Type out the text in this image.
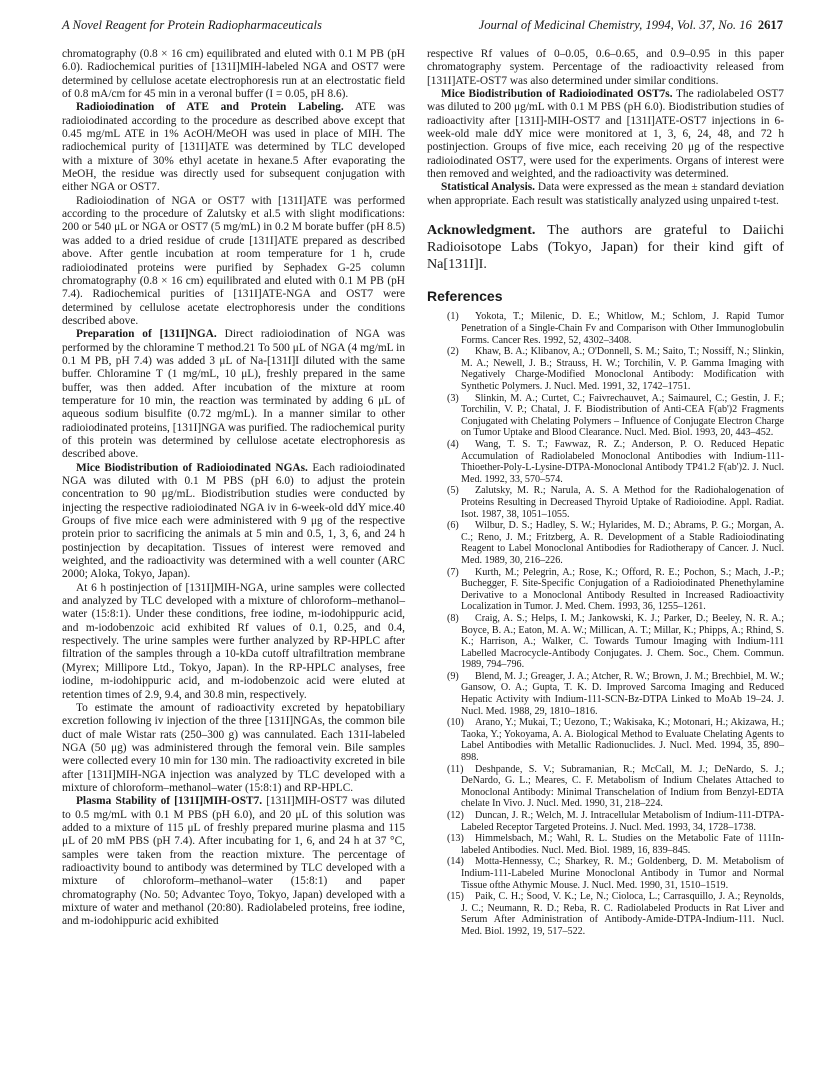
A Novel Reagent for Protein Radiopharmaceuticals	Journal of Medicinal Chemistry, 1994, Vol. 37, No. 16 2617

chromatography (0.8 × 16 cm) equilibrated and eluted with 0.1 M PB (pH 6.0). Radiochemical purities of [131I]MIH-labeled NGA and OST7 were determined by cellulose acetate electrophoresis run at an electrostatic field of 0.8 mA/cm for 45 min in a veronal buffer (I = 0.05, pH 8.6).

Radioiodination of ATE and Protein Labeling. ATE was radioiodinated according to the procedure as described above except that 0.45 mg/mL ATE in 1% AcOH/MeOH was used in place of MIH. The radiochemical purity of [131I]ATE was determined by TLC developed with a mixture of 30% ethyl acetate in hexane.5 After evaporating the MeOH, the residue was directly used for subsequent conjugation with either NGA or OST7.

Radioiodination of NGA or OST7 with [131I]ATE was performed according to the procedure of Zalutsky et al.5 with slight modifications: 200 or 540 μL or NGA or OST7 (5 mg/mL) in 0.2 M borate buffer (pH 8.5) was added to a dried residue of crude [131I]ATE prepared as described above. After gentle incubation at room temperature for 1 h, crude radioiodinated proteins were purified by Sephadex G-25 column chromatography (0.8 × 16 cm) equilibrated and eluted with 0.1 M PB (pH 7.4). Radiochemical purities of [131I]ATE-NGA and OST7 were determined by cellulose acetate electrophoresis under the conditions described above.

Preparation of [131I]NGA. Direct radioiodination of NGA was performed by the chloramine T method.21 To 500 μL of NGA (4 mg/mL in 0.1 M PB, pH 7.4) was added 3 μL of Na-[131I]I diluted with the same buffer. Chloramine T (1 mg/mL, 10 μL), freshly prepared in the same buffer, was then added. After incubation of the mixture at room temperature for 10 min, the reaction was terminated by adding 6 μL of aqueous sodium bisulfite (0.72 mg/mL). In a manner similar to other radioiodinated proteins, [131I]NGA was purified. The radiochemical purity of this protein was determined by cellulose acetate electrophoresis as described above.

Mice Biodistribution of Radioiodinated NGAs. Each radioiodinated NGA was diluted with 0.1 M PBS (pH 6.0) to adjust the protein concentration to 90 μg/mL. Biodistribution studies were conducted by injecting the respective radioiodinated NGA iv in 6-week-old ddY mice.40 Groups of five mice each were administered with 9 μg of the respective protein prior to sacrificing the animals at 5 min and 0.5, 1, 3, 6, and 24 h postinjection by decapitation. Tissues of interest were removed and weighted, and the radioactivity was determined with a well counter (ARC 2000; Aloka, Tokyo, Japan).

At 6 h postinjection of [131I]MIH-NGA, urine samples were collected and analyzed by TLC developed with a mixture of chloroform–methanol–water (15:8:1). Under these conditions, free iodine, m-iodohippuric acid, and m-iodobenzoic acid exhibited Rf values of 0.1, 0.25, and 0.4, respectively. The urine samples were further analyzed by RP-HPLC after filtration of the samples through a 10-kDa cutoff ultrafiltration membrane (Myrex; Millipore Ltd., Tokyo, Japan). In the RP-HPLC analyses, free iodine, m-iodohippuric acid, and m-iodobenzoic acid were eluted at retention times of 2.9, 9.4, and 30.8 min, respectively.

To estimate the amount of radioactivity excreted by hepatobiliary excretion following iv injection of the three [131I]NGAs, the common bile duct of male Wistar rats (250–300 g) was cannulated. Each 131I-labeled NGA (50 μg) was administered through the femoral vein. Bile samples were collected every 10 min for 130 min. The radioactivity excreted in bile after [131I]MIH-NGA injection was analyzed by TLC developed with a mixture of chloroform–methanol–water (15:8:1) and RP-HPLC.

Plasma Stability of [131I]MIH-OST7. [131I]MIH-OST7 was diluted to 0.5 mg/mL with 0.1 M PBS (pH 6.0), and 20 μL of this solution was added to a mixture of 115 μL of freshly prepared murine plasma and 115 μL of 20 mM PBS (pH 7.4). After incubating for 1, 6, and 24 h at 37 °C, samples were taken from the reaction mixture. The percentage of radioactivity bound to antibody was determined by TLC developed with a mixture of chloroform–methanol–water (15:8:1) and paper chromatography (No. 50; Advantec Toyo, Tokyo, Japan) developed with a mixture of water and methanol (20:80). Radiolabeled proteins, free iodine, and m-iodohippuric acid exhibited

respective Rf values of 0–0.05, 0.6–0.65, and 0.9–0.95 in this paper chromatography system. Percentage of the radioactivity released from [131I]ATE-OST7 was also determined under similar conditions.

Mice Biodistribution of Radioiodinated OST7s. The radiolabeled OST7 was diluted to 200 μg/mL with 0.1 M PBS (pH 6.0). Biodistribution studies of radioactivity after [131I]-MIH-OST7 and [131I]ATE-OST7 injections in 6-week-old male ddY mice were monitored at 1, 3, 6, 24, 48, and 72 h postinjection. Groups of five mice, each receiving 20 μg of the respective radioiodinated OST7, were used for the experiments. Organs of interest were then removed and weighted, and the radioactivity was determined.

Statistical Analysis. Data were expressed as the mean ± standard deviation when appropriate. Each result was statistically analyzed using unpaired t-test.

Acknowledgment. The authors are grateful to Daiichi Radioisotope Labs (Tokyo, Japan) for their kind gift of Na[131I]I.

References

(1) Yokota, T.; Milenic, D. E.; Whitlow, M.; Schlom, J. Rapid Tumor Penetration of a Single-Chain Fv and Comparison with Other Immunoglobulin Forms. Cancer Res. 1992, 52, 4302–3408.

(2) Khaw, B. A.; Klibanov, A.; O'Donnell, S. M.; Saito, T.; Nossiff, N.; Slinkin, M. A.; Newell, J. B.; Strauss, H. W.; Torchilin, V. P. Gamma Imaging with Negatively Charge-Modified Monoclonal Antibody: Modification with Synthetic Polymers. J. Nucl. Med. 1991, 32, 1742–1751.

(3) Slinkin, M. A.; Curtet, C.; Faivrechauvet, A.; Saimaurel, C.; Gestin, J. F.; Torchilin, V. P.; Chatal, J. F. Biodistribution of Anti-CEA F(ab')2 Fragments Conjugated with Chelating Polymers – Influence of Conjugate Electron Charge on Tumor Uptake and Blood Clearance. Nucl. Med. Biol. 1993, 20, 443–452.

(4) Wang, T. S. T.; Fawwaz, R. Z.; Anderson, P. O. Reduced Hepatic Accumulation of Radiolabeled Monoclonal Antibodies with Indium-111-Thioether-Poly-L-Lysine-DTPA-Monoclonal Antibody TP41.2 F(ab')2. J. Nucl. Med. 1992, 33, 570–574.

(5) Zalutsky, M. R.; Narula, A. S. A Method for the Radiohalogenation of Proteins Resulting in Decreased Thyroid Uptake of Radioiodine. Appl. Radiat. Isot. 1987, 38, 1051–1055.

(6) Wilbur, D. S.; Hadley, S. W.; Hylarides, M. D.; Abrams, P. G.; Morgan, A. C.; Reno, J. M.; Fritzberg, A. R. Development of a Stable Radioiodinating Reagent to Label Monoclonal Antibodies for Radiotherapy of Cancer. J. Nucl. Med. 1989, 30, 216–226.

(7) Kurth, M.; Pelegrin, A.; Rose, K.; Offord, R. E.; Pochon, S.; Mach, J.-P.; Buchegger, F. Site-Specific Conjugation of a Radioiodinated Phenethylamine Derivative to a Monoclonal Antibody Resulted in Increased Radioactivity Localization in Tumor. J. Med. Chem. 1993, 36, 1255–1261.

(8) Craig, A. S.; Helps, I. M.; Jankowski, K. J.; Parker, D.; Beeley, N. R. A.; Boyce, B. A.; Eaton, M. A. W.; Millican, A. T.; Millar, K.; Phipps, A.; Rhind, S. K.; Harrison, A.; Walker, C. Towards Tumour Imaging with Indium-111 Labelled Macrocycle-Antibody Conjugates. J. Chem. Soc., Chem. Commun. 1989, 794–796.

(9) Blend, M. J.; Greager, J. A.; Atcher, R. W.; Brown, J. M.; Brechbiel, M. W.; Gansow, O. A.; Gupta, T. K. D. Improved Sarcoma Imaging and Reduced Hepatic Activity with Indium-111-SCN-Bz-DTPA Linked to MoAb 19–24. J. Nucl. Med. 1988, 29, 1810–1816.

(10) Arano, Y.; Mukai, T.; Uezono, T.; Wakisaka, K.; Motonari, H.; Akizawa, H.; Taoka, Y.; Yokoyama, A. A. Biological Method to Evaluate Chelating Agents to Label Antibodies with Metallic Radionuclides. J. Nucl. Med. 1994, 35, 890–898.

(11) Deshpande, S. V.; Subramanian, R.; McCall, M. J.; DeNardo, S. J.; DeNardo, G. L.; Meares, C. F. Metabolism of Indium Chelates Attached to Monoclonal Antibody: Minimal Transchelation of Indium from Benzyl-EDTA chelate In Vivo. J. Nucl. Med. 1990, 31, 218–224.

(12) Duncan, J. R.; Welch, M. J. Intracellular Metabolism of Indium-111-DTPA-Labeled Receptor Targeted Proteins. J. Nucl. Med. 1993, 34, 1728–1738.

(13) Himmelsbach, M.; Wahl, R. L. Studies on the Metabolic Fate of 111In-labeled Antibodies. Nucl. Med. Biol. 1989, 16, 839–845.

(14) Motta-Hennessy, C.; Sharkey, R. M.; Goldenberg, D. M. Metabolism of Indium-111-Labeled Murine Monoclonal Antibody in Tumor and Normal Tissue ofthe Athymic Mouse. J. Nucl. Med. 1990, 31, 1510–1519.

(15) Paik, C. H.; Sood, V. K.; Le, N.; Cioloca, L.; Carrasquillo, J. A.; Reynolds, J. C.; Neumann, R. D.; Reba, R. C. Radiolabeled Products in Rat Liver and Serum After Administration of Antibody-Amide-DTPA-Indium-111. Nucl. Med. Biol. 1992, 19, 517–522.
